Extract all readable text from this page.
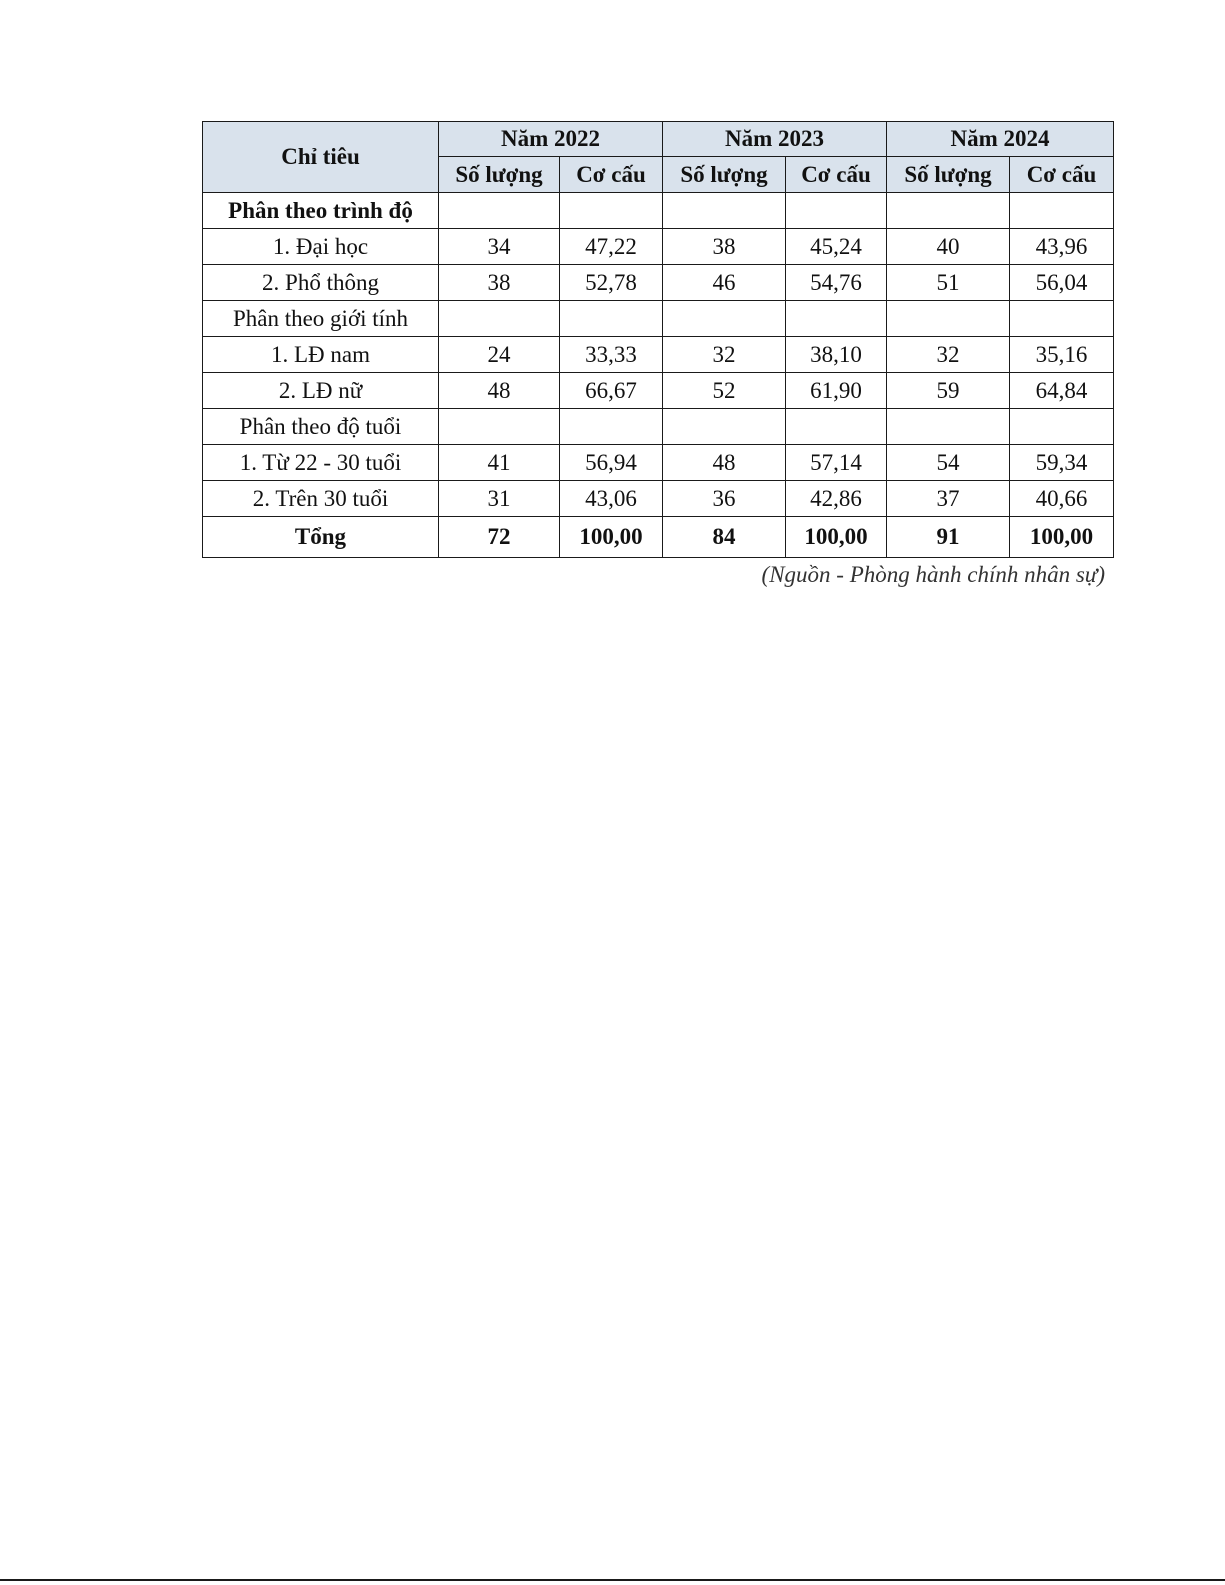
Chỉ tiêu	Năm 2022		Năm 2023		Năm 2024	
	Số lượng	Cơ cấu	Số lượng	Cơ cấu	Số lượng	Cơ cấu
Phân theo trình độ						
1. Đại học	34	47,22	38	45,24	40	43,96
2. Phổ thông	38	52,78	46	54,76	51	56,04
Phân theo giới tính						
1. LĐ nam	24	33,33	32	38,10	32	35,16
2. LĐ nữ	48	66,67	52	61,90	59	64,84
Phân theo độ tuổi						
1. Từ 22 - 30 tuổi	41	56,94	48	57,14	54	59,34
2. Trên 30 tuổi	31	43,06	36	42,86	37	40,66
Tổng	72	100,00	84	100,00	91	100,00
(Nguồn - Phòng hành chính nhân sự)
